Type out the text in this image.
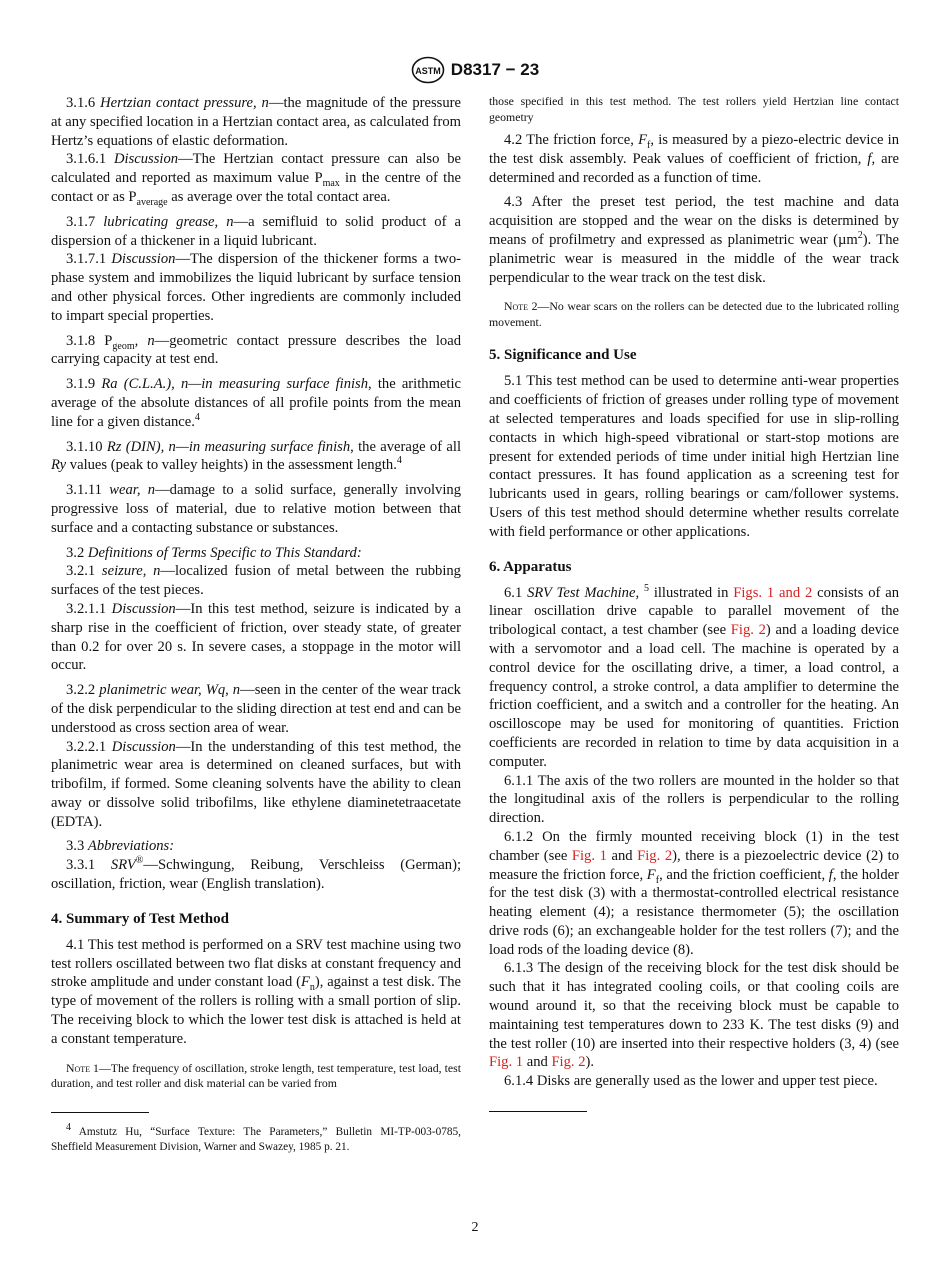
ASTM D8317 − 23

3.1.6 Hertzian contact pressure, n—the magnitude of the pressure at any specified location in a Hertzian contact area, as calculated from Hertz’s equations of elastic deformation.

3.1.6.1 Discussion—The Hertzian contact pressure can also be calculated and reported as maximum value $P_{max}$ in the centre of the contact or as $P_{average}$ as average over the total contact area.

3.1.7 lubricating grease, n—a semifluid to solid product of a dispersion of a thickener in a liquid lubricant.

3.1.7.1 Discussion—The dispersion of the thickener forms a two-phase system and immobilizes the liquid lubricant by surface tension and other physical forces. Other ingredients are commonly included to impart special properties.

3.1.8 $P_{geom}$, n—geometric contact pressure describes the load carrying capacity at test end.

3.1.9 Ra (C.L.A.), n—in measuring surface finish, the arithmetic average of the absolute distances of all profile points from the mean line for a given distance.$^4$

3.1.10 Rz (DIN), n—in measuring surface finish, the average of all Ry values (peak to valley heights) in the assessment length.$^4$

3.1.11 wear, n—damage to a solid surface, generally involving progressive loss of material, due to relative motion between that surface and a contacting substance or substances.

3.2 Definitions of Terms Specific to This Standard:

3.2.1 seizure, n—localized fusion of metal between the rubbing surfaces of the test pieces.

3.2.1.1 Discussion—In this test method, seizure is indicated by a sharp rise in the coefficient of friction, over steady state, of greater than 0.2 for over 20 s. In severe cases, a stoppage in the motor will occur.

3.2.2 planimetric wear, Wq, n—seen in the center of the wear track of the disk perpendicular to the sliding direction at test end and can be understood as cross section area of wear.

3.2.2.1 Discussion—In the understanding of this test method, the planimetric wear area is determined on cleaned surfaces, but with tribofilm, if formed. Some cleaning solvents have the ability to clean away or dissolve solid tribofilms, like ethylene diaminetetraacetate (EDTA).

3.3 Abbreviations:

3.3.1 SRV®—Schwingung, Reibung, Verschleiss (German); oscillation, friction, wear (English translation).

4. Summary of Test Method

4.1 This test method is performed on a SRV test machine using two test rollers oscillated between two flat disks at constant frequency and stroke amplitude and under constant load $(F_n)$, against a test disk. The type of movement of the rollers is rolling with a small portion of slip. The receiving block to which the lower test disk is attached is held at a constant temperature.

Note 1—The frequency of oscillation, stroke length, test temperature, test load, test duration, and test roller and disk material can be varied from

$^4$ Amstutz Hu, “Surface Texture: The Parameters,” Bulletin MI-TP-003-0785, Sheffield Measurement Division, Warner and Swazey, 1985 p. 21.

those specified in this test method. The test rollers yield Hertzian line contact geometry

4.2 The friction force, $F_f$, is measured by a piezo-electric device in the test disk assembly. Peak values of coefficient of friction, f, are determined and recorded as a function of time.

4.3 After the preset test period, the test machine and data acquisition are stopped and the wear on the disks is determined by means of profilmetry and expressed as planimetric wear (µm$^2$). The planimetric wear is measured in the middle of the wear track perpendicular to the wear track on the test disk.

Note 2—No wear scars on the rollers can be detected due to the lubricated rolling movement.

5. Significance and Use

5.1 This test method can be used to determine anti-wear properties and coefficients of friction of greases under rolling type of movement at selected temperatures and loads specified for use in slip-rolling contacts in which high-speed vibrational or start-stop motions are present for extended periods of time under initial high Hertzian line contact pressures. It has found application as a screening test for lubricants used in gears, rolling bearings or cam/follower systems. Users of this test method should determine whether results correlate with field performance or other applications.

6. Apparatus

6.1 SRV Test Machine, $^5$ illustrated in Figs. 1 and 2 consists of an linear oscillation drive capable to parallel movement of the tribological contact, a test chamber (see Fig. 2) and a loading device with a servomotor and a load cell. The machine is operated by a control device for the oscillating drive, a timer, a load control, a frequency control, a stroke control, a data amplifier to determine the friction coefficient, and a switch and a controller for the heating. An oscilloscope may be used for monitoring of quantities. Friction coefficients are recorded in relation to time by data acquisition in a computer.

6.1.1 The axis of the two rollers are mounted in the holder so that the longitudinal axis of the rollers is perpendicular to the rolling direction.

6.1.2 On the firmly mounted receiving block (1) in the test chamber (see Fig. 1 and Fig. 2), there is a piezoelectric device (2) to measure the friction force, $F_f$, and the friction coefficient, f, the holder for the test disk (3) with a thermostat-controlled electrical resistance heating element (4); a resistance thermometer (5); the oscillation drive rods (6); an exchangeable holder for the test rollers (7); and the load rods of the loading device (8).

6.1.3 The design of the receiving block for the test disk should be such that it has integrated cooling coils, or that cooling coils are wound around it, so that the receiving block must be capable to maintaining test temperatures down to 233 K. The test disks (9) and the test roller (10) are inserted into their respective holders (3, 4) (see Fig. 1 and Fig. 2).

6.1.4 Disks are generally used as the lower and upper test piece.

2
